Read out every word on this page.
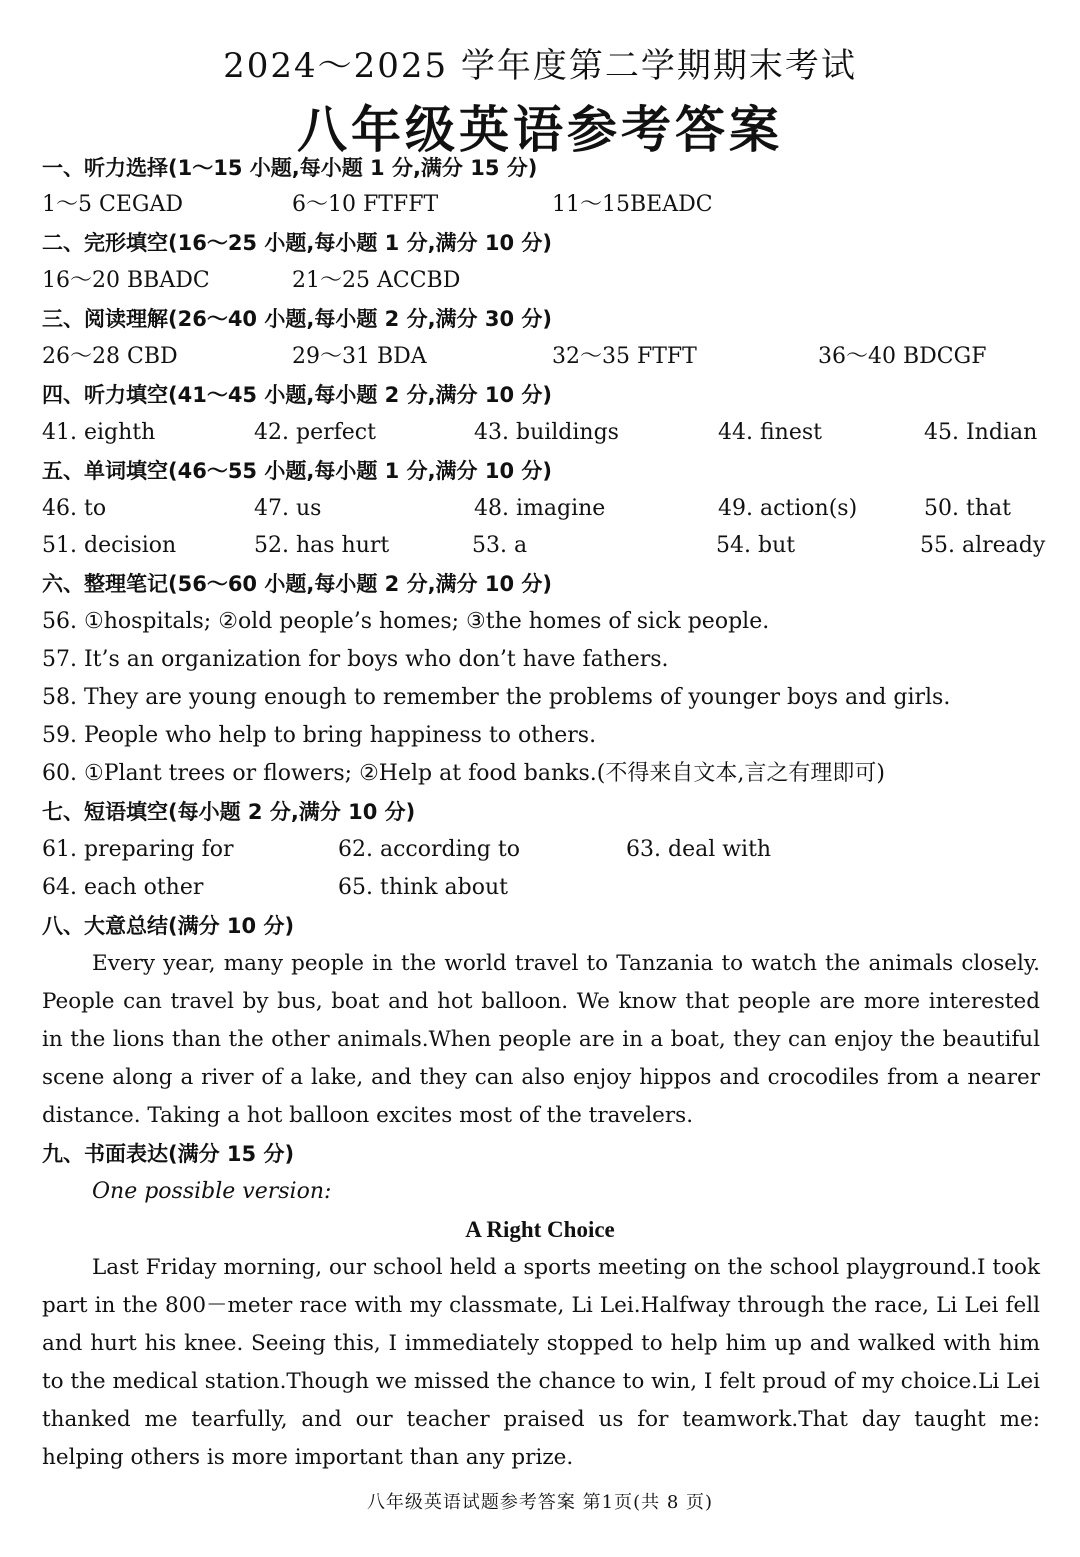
2024～2025 学年度第二学期期末考试
八年级英语参考答案
一、听力选择(1～15 小题,每小题 1 分,满分 15 分)
1～5 CEGAD	6～10 FTFFT	11～15BEADC
二、完形填空(16～25 小题,每小题 1 分,满分 10 分)
16～20 BBADC	21～25 ACCBD
三、阅读理解(26～40 小题,每小题 2 分,满分 30 分)
26～28 CBD	29～31 BDA	32～35 FTFT	36～40 BDCGF
四、听力填空(41～45 小题,每小题 2 分,满分 10 分)
41. eighth	42. perfect	43. buildings	44. finest	45. Indian
五、单词填空(46～55 小题,每小题 1 分,满分 10 分)
46. to	47. us	48. imagine	49. action(s)	50. that
51. decision	52. has hurt	53. a	54. but	55. already
六、整理笔记(56～60 小题,每小题 2 分,满分 10 分)
56. ①hospitals; ②old people’s homes; ③the homes of sick people.
57. It’s an organization for boys who don’t have fathers.
58. They are young enough to remember the problems of younger boys and girls.
59. People who help to bring happiness to others.
60. ①Plant trees or flowers; ②Help at food banks.(不得来自文本,言之有理即可)
七、短语填空(每小题 2 分,满分 10 分)
61. preparing for	62. according to	63. deal with
64. each other	65. think about
八、大意总结(满分 10 分)
Every year, many people in the world travel to Tanzania to watch the animals closely. People can travel by bus, boat and hot balloon. We know that people are more interested in the lions than the other animals.When people are in a boat, they can enjoy the beautiful scene along a river of a lake, and they can also enjoy hippos and crocodiles from a nearer distance. Taking a hot balloon excites most of the travelers.
九、书面表达(满分 15 分)
One possible version:
A Right Choice
Last Friday morning, our school held a sports meeting on the school playground.I took part in the 800－meter race with my classmate, Li Lei.Halfway through the race, Li Lei fell and hurt his knee. Seeing this, I immediately stopped to help him up and walked with him to the medical station.Though we missed the chance to win, I felt proud of my choice.Li Lei thanked me tearfully, and our teacher praised us for teamwork.That day taught me: helping others is more important than any prize.
八年级英语试题参考答案 第1页(共 8 页)
